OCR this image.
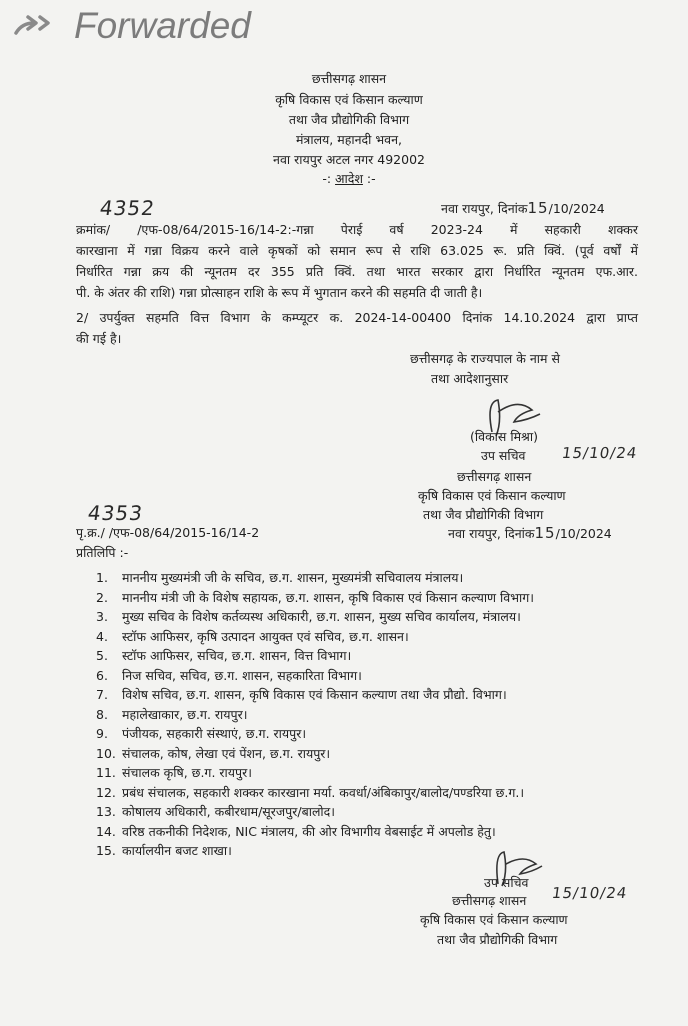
Forwarded
छत्तीसगढ़ शासन
कृषि विकास एवं किसान कल्याण
तथा जैव प्रौद्योगिकी विभाग
मंत्रालय, महानदी भवन,
नवा रायपुर अटल नगर 492002
-: आदेश :-
नवा रायपुर, दिनांक15/10/2024
4352
क्रमांक/ /एफ-08/64/2015-16/14-2:-गन्ना पेराई वर्ष 2023-24 में सहकारी शक्कर
कारखाना में गन्ना विक्रय करने वाले कृषकों को समान रूप से राशि 63.025 रू. प्रति क्विं. (पूर्व वर्षों में
निर्धारित गन्ना क्रय की न्यूनतम दर 355 प्रति क्विं. तथा भारत सरकार द्वारा निर्धारित न्यूनतम एफ.आर.
पी. के अंतर की राशि) गन्ना प्रोत्साहन राशि के रूप में भुगतान करने की सहमति दी जाती है।
2/ उपर्युक्त सहमति वित्त विभाग के कम्प्यूटर क. 2024-14-00400 दिनांक 14.10.2024 द्वारा प्राप्त
की गई है।
छत्तीसगढ़ के राज्यपाल के नाम से
तथा आदेशानुसार
(विकास मिश्रा)
उप सचिव 15/10/24
छत्तीसगढ़ शासन
कृषि विकास एवं किसान कल्याण
तथा जैव प्रौद्योगिकी विभाग
4353
पृ.क्र./ /एफ-08/64/2015-16/14-2	नवा रायपुर, दिनांक15/10/2024
प्रतिलिपि :-
1. माननीय मुख्यमंत्री जी के सचिव, छ.ग. शासन, मुख्यमंत्री सचिवालय मंत्रालय।
2. माननीय मंत्री जी के विशेष सहायक, छ.ग. शासन, कृषि विकास एवं किसान कल्याण विभाग।
3. मुख्य सचिव के विशेष कर्तव्यस्थ अधिकारी, छ.ग. शासन, मुख्य सचिव कार्यालय, मंत्रालय।
4. स्टॉफ आफिसर, कृषि उत्पादन आयुक्त एवं सचिव, छ.ग. शासन।
5. स्टॉफ आफिसर, सचिव, छ.ग. शासन, वित्त विभाग।
6. निज सचिव, सचिव, छ.ग. शासन, सहकारिता विभाग।
7. विशेष सचिव, छ.ग. शासन, कृषि विकास एवं किसान कल्याण तथा जैव प्रौद्यो. विभाग।
8. महालेखाकार, छ.ग. रायपुर।
9. पंजीयक, सहकारी संस्थाएं, छ.ग. रायपुर।
10. संचालक, कोष, लेखा एवं पेंशन, छ.ग. रायपुर।
11. संचालक कृषि, छ.ग. रायपुर।
12. प्रबंध संचालक, सहकारी शक्कर कारखाना मर्या. कवर्धा/अंबिकापुर/बालोद/पण्डरिया छ.ग.।
13. कोषालय अधिकारी, कबीरधाम/सूरजपुर/बालोद।
14. वरिष्ठ तकनीकी निदेशक, NIC मंत्रालय, की ओर विभागीय वेबसाईट में अपलोड हेतु।
15. कार्यालयीन बजट शाखा।
उप सचिव
छत्तीसगढ़ शासन 15/10/24
कृषि विकास एवं किसान कल्याण
तथा जैव प्रौद्योगिकी विभाग
